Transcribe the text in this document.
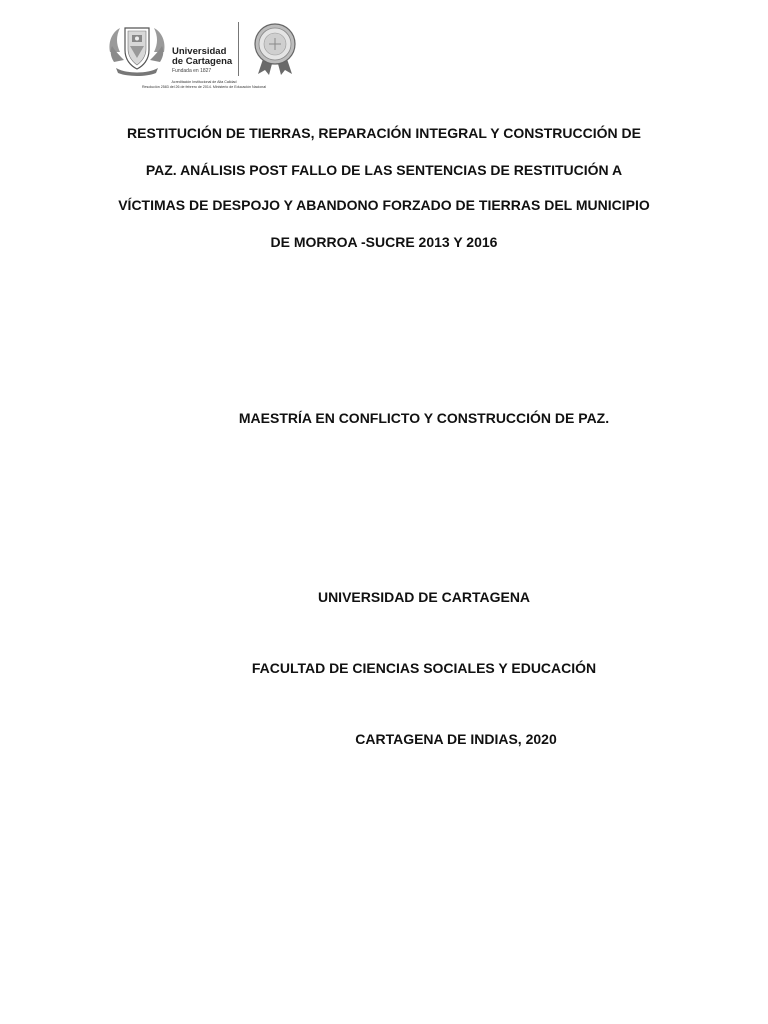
Universidad
de Cartagena
Fundada en 1827
Acreditación Institucional de Alta Calidad
Resolución 2583 del 26 de febrero de 2014. Ministerio de Educación Nacional
RESTITUCIÓN DE TIERRAS, REPARACIÓN INTEGRAL Y CONSTRUCCIÓN DE
PAZ. ANÁLISIS POST FALLO DE LAS SENTENCIAS DE RESTITUCIÓN A
VÍCTIMAS DE DESPOJO Y ABANDONO FORZADO DE TIERRAS DEL MUNICIPIO
DE MORROA -SUCRE 2013 Y 2016
MAESTRÍA EN CONFLICTO Y CONSTRUCCIÓN DE PAZ.
UNIVERSIDAD DE CARTAGENA
FACULTAD DE CIENCIAS SOCIALES Y EDUCACIÓN
CARTAGENA DE INDIAS, 2020
